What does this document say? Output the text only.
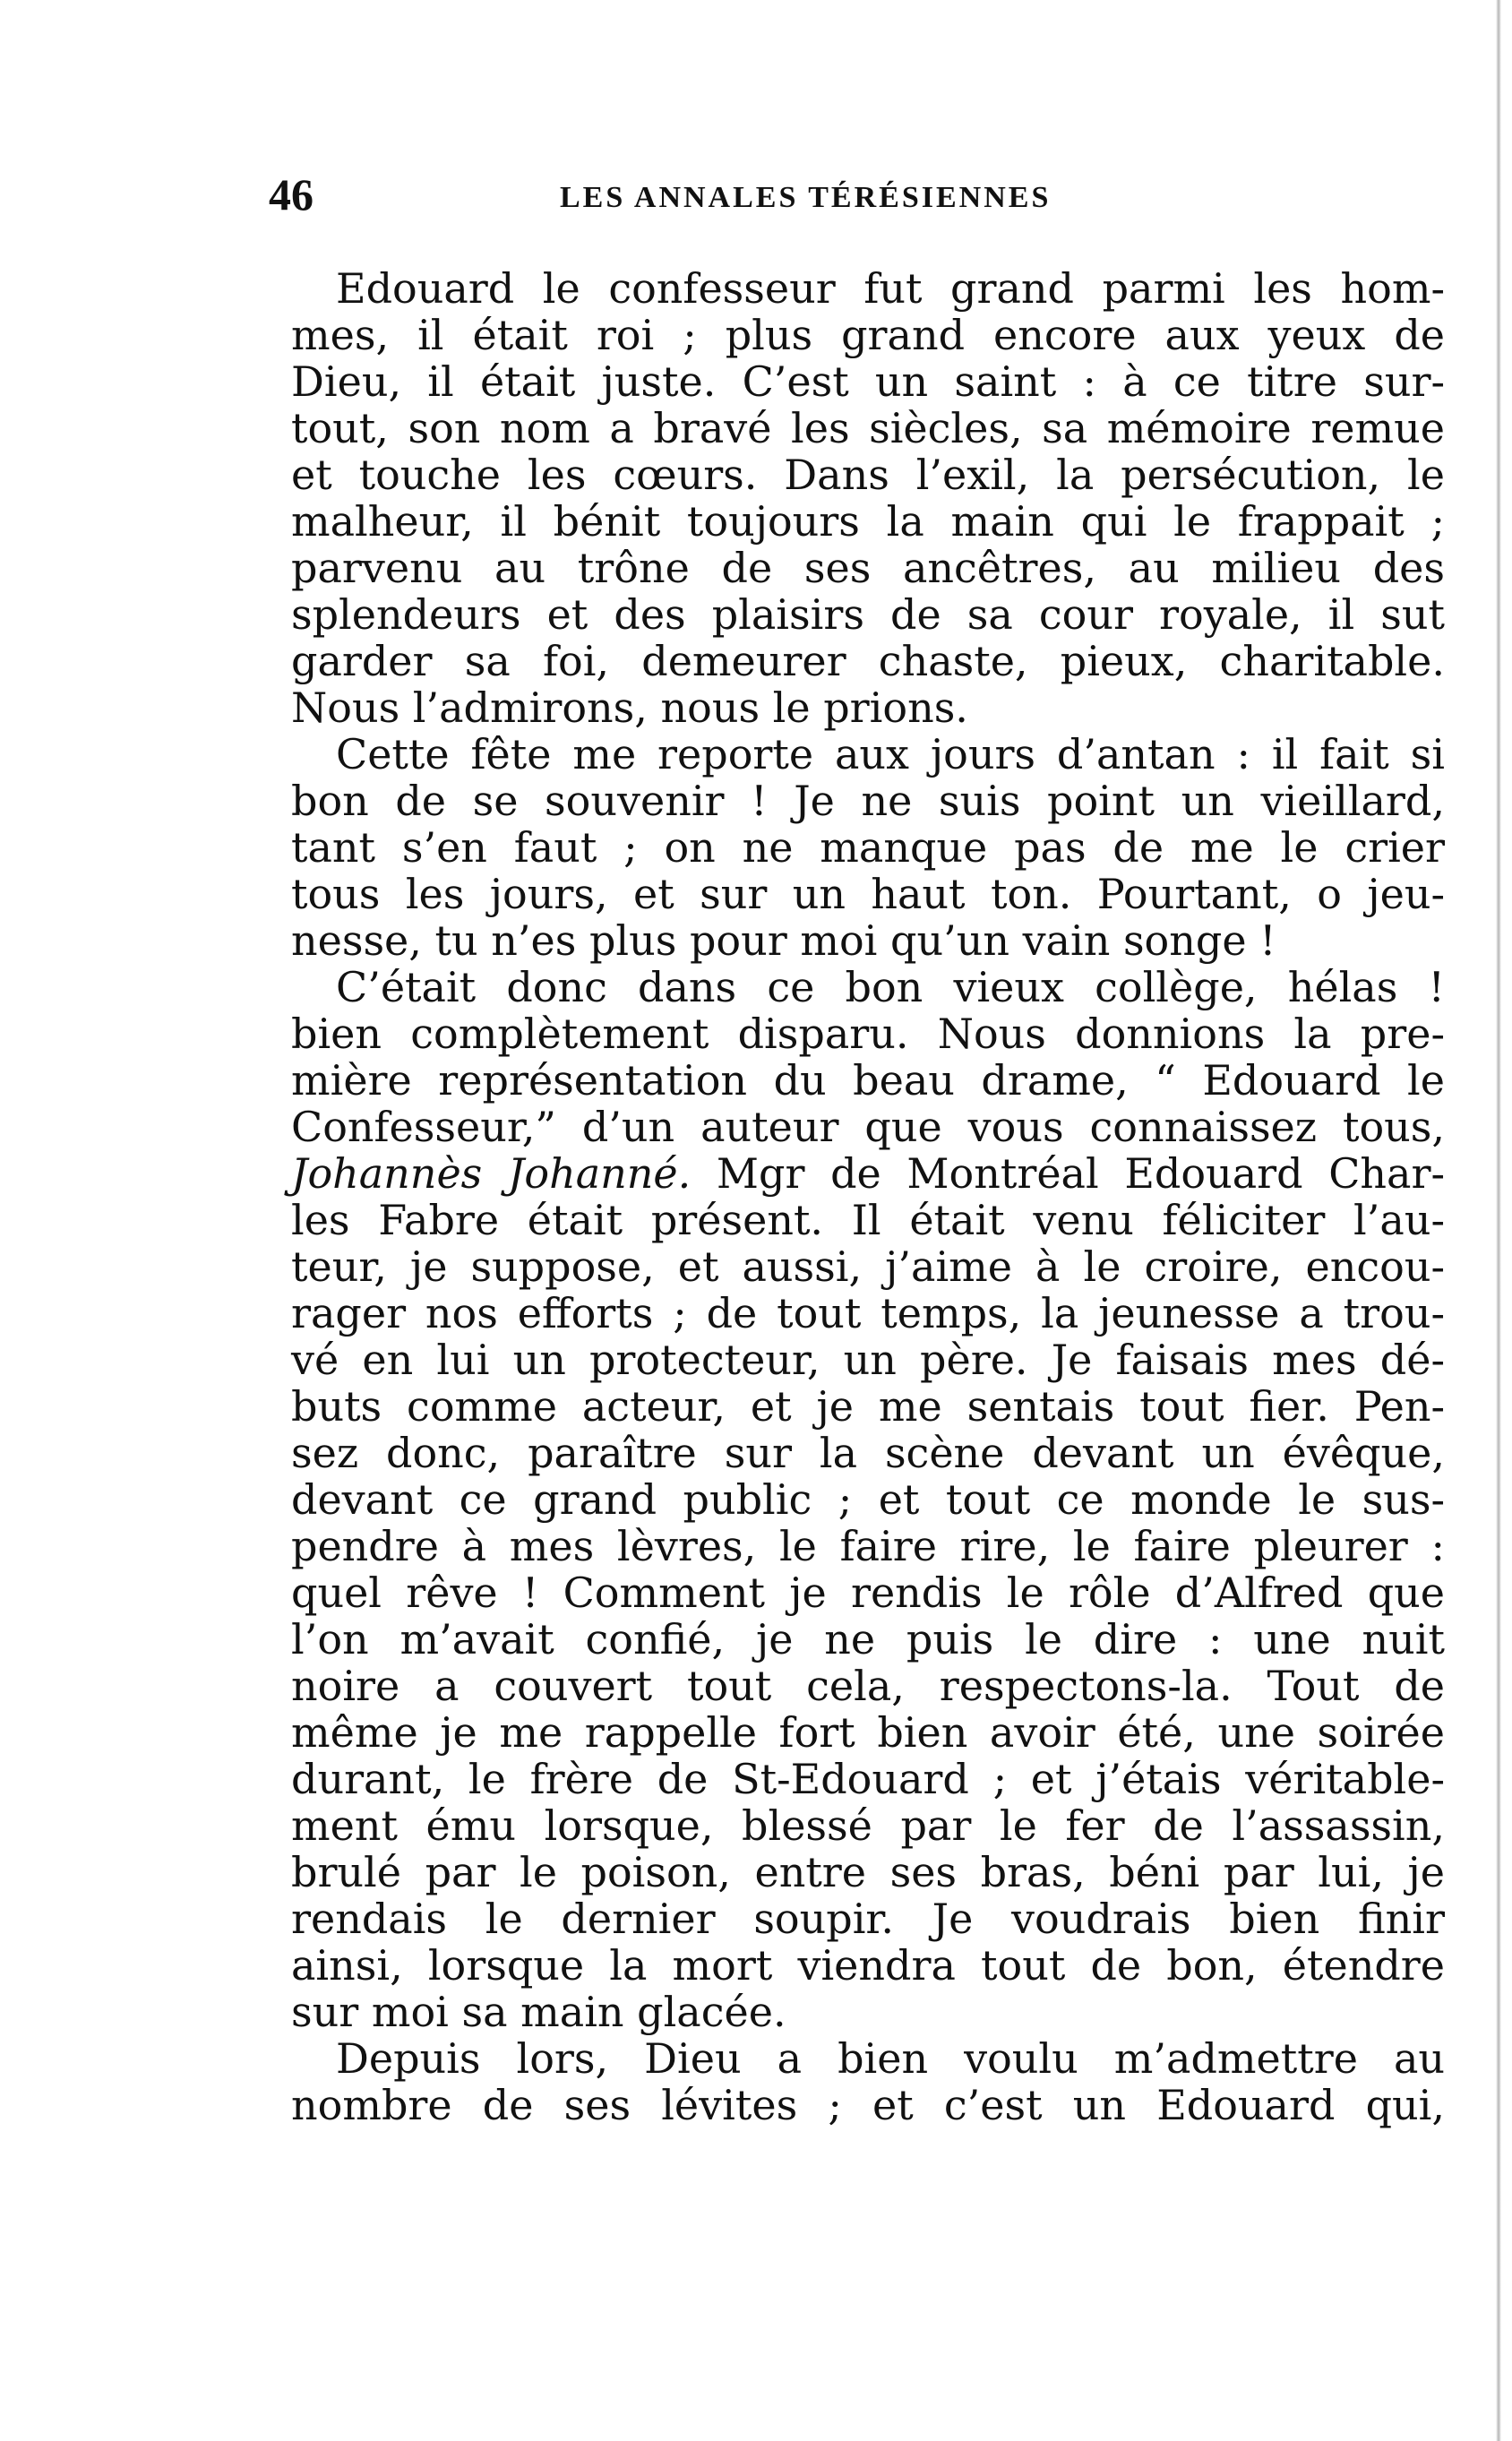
46	LES ANNALES TÉRÉSIENNES
Edouard le confesseur fut grand parmi les hom-
mes, il était roi ; plus grand encore aux yeux de
Dieu, il était juste. C’est un saint : à ce titre sur-
tout, son nom a bravé les siècles, sa mémoire remue
et touche les cœurs. Dans l’exil, la persécution, le
malheur, il bénit toujours la main qui le frappait ;
parvenu au trône de ses ancêtres, au milieu des
splendeurs et des plaisirs de sa cour royale, il sut
garder sa foi, demeurer chaste, pieux, charitable.
Nous l’admirons, nous le prions.
Cette fête me reporte aux jours d’antan : il fait si
bon de se souvenir ! Je ne suis point un vieillard,
tant s’en faut ; on ne manque pas de me le crier
tous les jours, et sur un haut ton. Pourtant, o jeu-
nesse, tu n’es plus pour moi qu’un vain songe !
C’était donc dans ce bon vieux collège, hélas !
bien complètement disparu. Nous donnions la pre-
mière représentation du beau drame, “ Edouard le
Confesseur,” d’un auteur que vous connaissez tous,
Johannès Johanné. Mgr de Montréal Edouard Char-
les Fabre était présent. Il était venu féliciter l’au-
teur, je suppose, et aussi, j’aime à le croire, encou-
rager nos efforts ; de tout temps, la jeunesse a trou-
vé en lui un protecteur, un père. Je faisais mes dé-
buts comme acteur, et je me sentais tout fier. Pen-
sez donc, paraître sur la scène devant un évêque,
devant ce grand public ; et tout ce monde le sus-
pendre à mes lèvres, le faire rire, le faire pleurer :
quel rêve ! Comment je rendis le rôle d’Alfred que
l’on m’avait confié, je ne puis le dire : une nuit
noire a couvert tout cela, respectons-la. Tout de
même je me rappelle fort bien avoir été, une soirée
durant, le frère de St-Edouard ; et j’étais véritable-
ment ému lorsque, blessé par le fer de l’assassin,
brulé par le poison, entre ses bras, béni par lui, je
rendais le dernier soupir. Je voudrais bien finir
ainsi, lorsque la mort viendra tout de bon, étendre
sur moi sa main glacée.
Depuis lors, Dieu a bien voulu m’admettre au
nombre de ses lévites ; et c’est un Edouard qui,
